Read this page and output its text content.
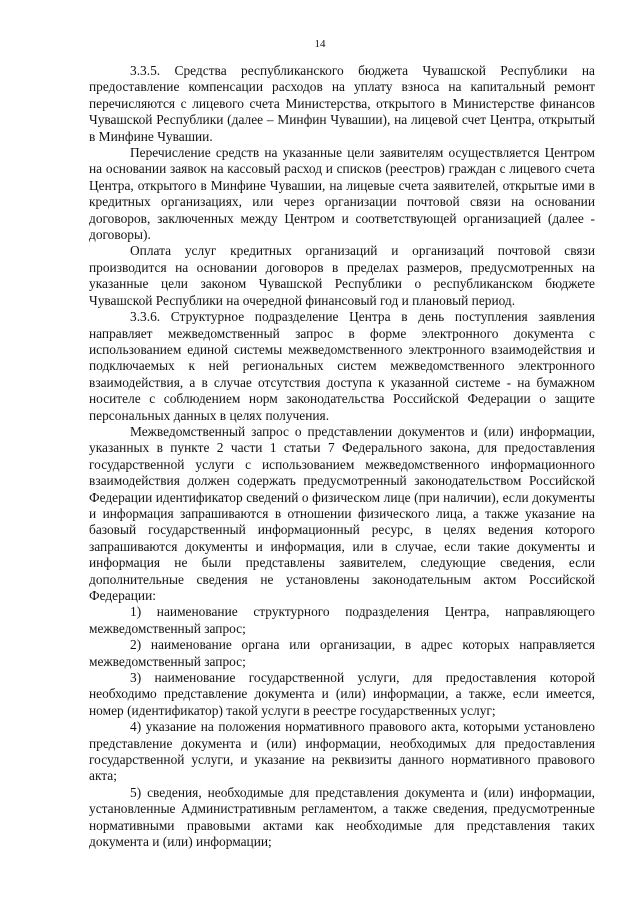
14

3.3.5. Средства республиканского бюджета Чувашской Республики на предоставление компенсации расходов на уплату взноса на капитальный ремонт перечисляются с лицевого счета Министерства, открытого в Министерстве финансов Чувашской Республики (далее – Минфин Чувашии), на лицевой счет Центра, открытый в Минфине Чувашии.

Перечисление средств на указанные цели заявителям осуществляется Центром на основании заявок на кассовый расход и списков (реестров) граждан с лицевого счета Центра, открытого в Минфине Чувашии, на лицевые счета заявителей, открытые ими в кредитных организациях, или через организации почтовой связи на основании договоров, заключенных между Центром и соответствующей организацией (далее - договоры).

Оплата услуг кредитных организаций и организаций почтовой связи производится на основании договоров в пределах размеров, предусмотренных на указанные цели законом Чувашской Республики о республиканском бюджете Чувашской Республики на очередной финансовый год и плановый период.

3.3.6. Структурное подразделение Центра в день поступления заявления направляет межведомственный запрос в форме электронного документа с использованием единой системы межведомственного электронного взаимодействия и подключаемых к ней региональных систем межведомственного электронного взаимодействия, а в случае отсутствия доступа к указанной системе - на бумажном носителе с соблюдением норм законодательства Российской Федерации о защите персональных данных в целях получения.

Межведомственный запрос о представлении документов и (или) информации, указанных в пункте 2 части 1 статьи 7 Федерального закона, для предоставления государственной услуги с использованием межведомственного информационного взаимодействия должен содержать предусмотренный законодательством Российской Федерации идентификатор сведений о физическом лице (при наличии), если документы и информация запрашиваются в отношении физического лица, а также указание на базовый государственный информационный ресурс, в целях ведения которого запрашиваются документы и информация, или в случае, если такие документы и информация не были представлены заявителем, следующие сведения, если дополнительные сведения не установлены законодательным актом Российской Федерации:

1) наименование структурного подразделения Центра, направляющего межведомственный запрос;

2) наименование органа или организации, в адрес которых направляется межведомственный запрос;

3) наименование государственной услуги, для предоставления которой необходимо представление документа и (или) информации, а также, если имеется, номер (идентификатор) такой услуги в реестре государственных услуг;

4) указание на положения нормативного правового акта, которыми установлено представление документа и (или) информации, необходимых для предоставления государственной услуги, и указание на реквизиты данного нормативного правового акта;

5) сведения, необходимые для представления документа и (или) информации, установленные Административным регламентом, а также сведения, предусмотренные нормативными правовыми актами как необходимые для представления таких документа и (или) информации;
